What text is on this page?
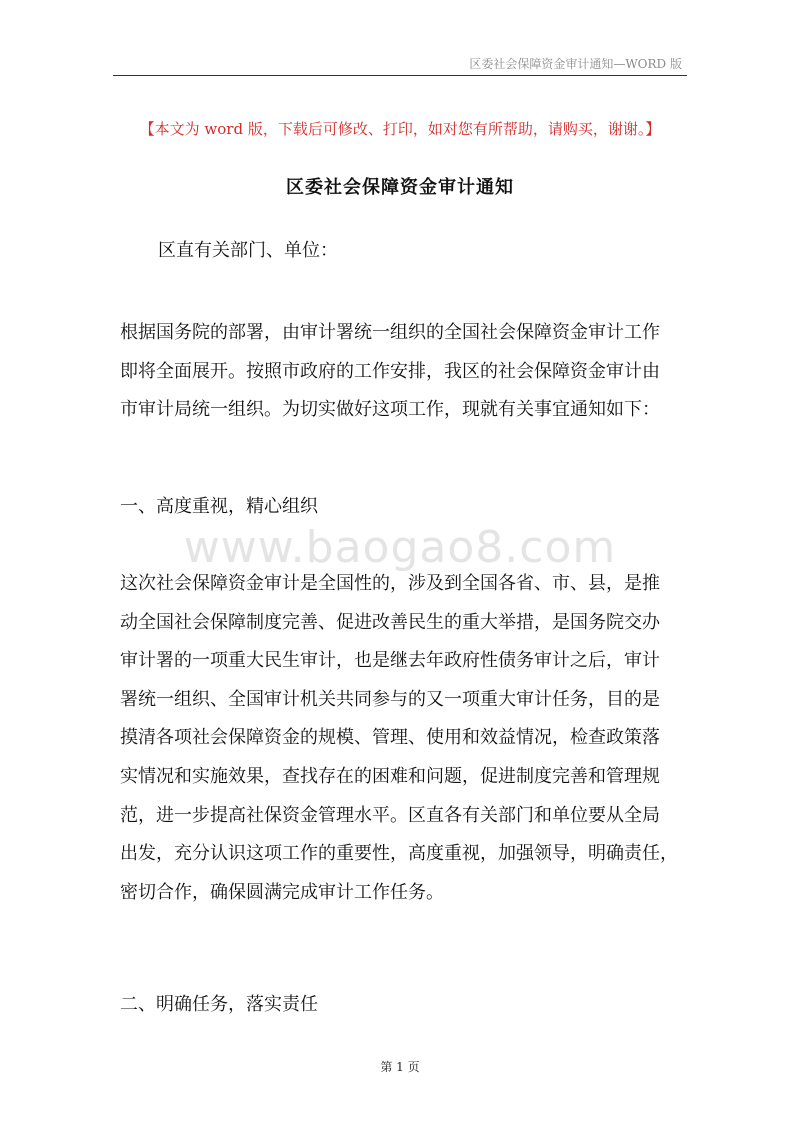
区委社会保障资金审计通知—WORD 版
【本文为 word 版，下载后可修改、打印，如对您有所帮助，请购买，谢谢。】
区委社会保障资金审计通知
区直有关部门、单位：
根据国务院的部署，由审计署统一组织的全国社会保障资金审计工作
即将全面展开。按照市政府的工作安排，我区的社会保障资金审计由
市审计局统一组织。为切实做好这项工作，现就有关事宜通知如下：
一、高度重视，精心组织
www.baogao8.com
这次社会保障资金审计是全国性的，涉及到全国各省、市、县，是推
动全国社会保障制度完善、促进改善民生的重大举措，是国务院交办
审计署的一项重大民生审计，也是继去年政府性债务审计之后，审计
署统一组织、全国审计机关共同参与的又一项重大审计任务，目的是
摸清各项社会保障资金的规模、管理、使用和效益情况，检查政策落
实情况和实施效果，查找存在的困难和问题，促进制度完善和管理规
范，进一步提高社保资金管理水平。区直各有关部门和单位要从全局
出发，充分认识这项工作的重要性，高度重视，加强领导，明确责任，
密切合作，确保圆满完成审计工作任务。
二、明确任务，落实责任
第 1 页
